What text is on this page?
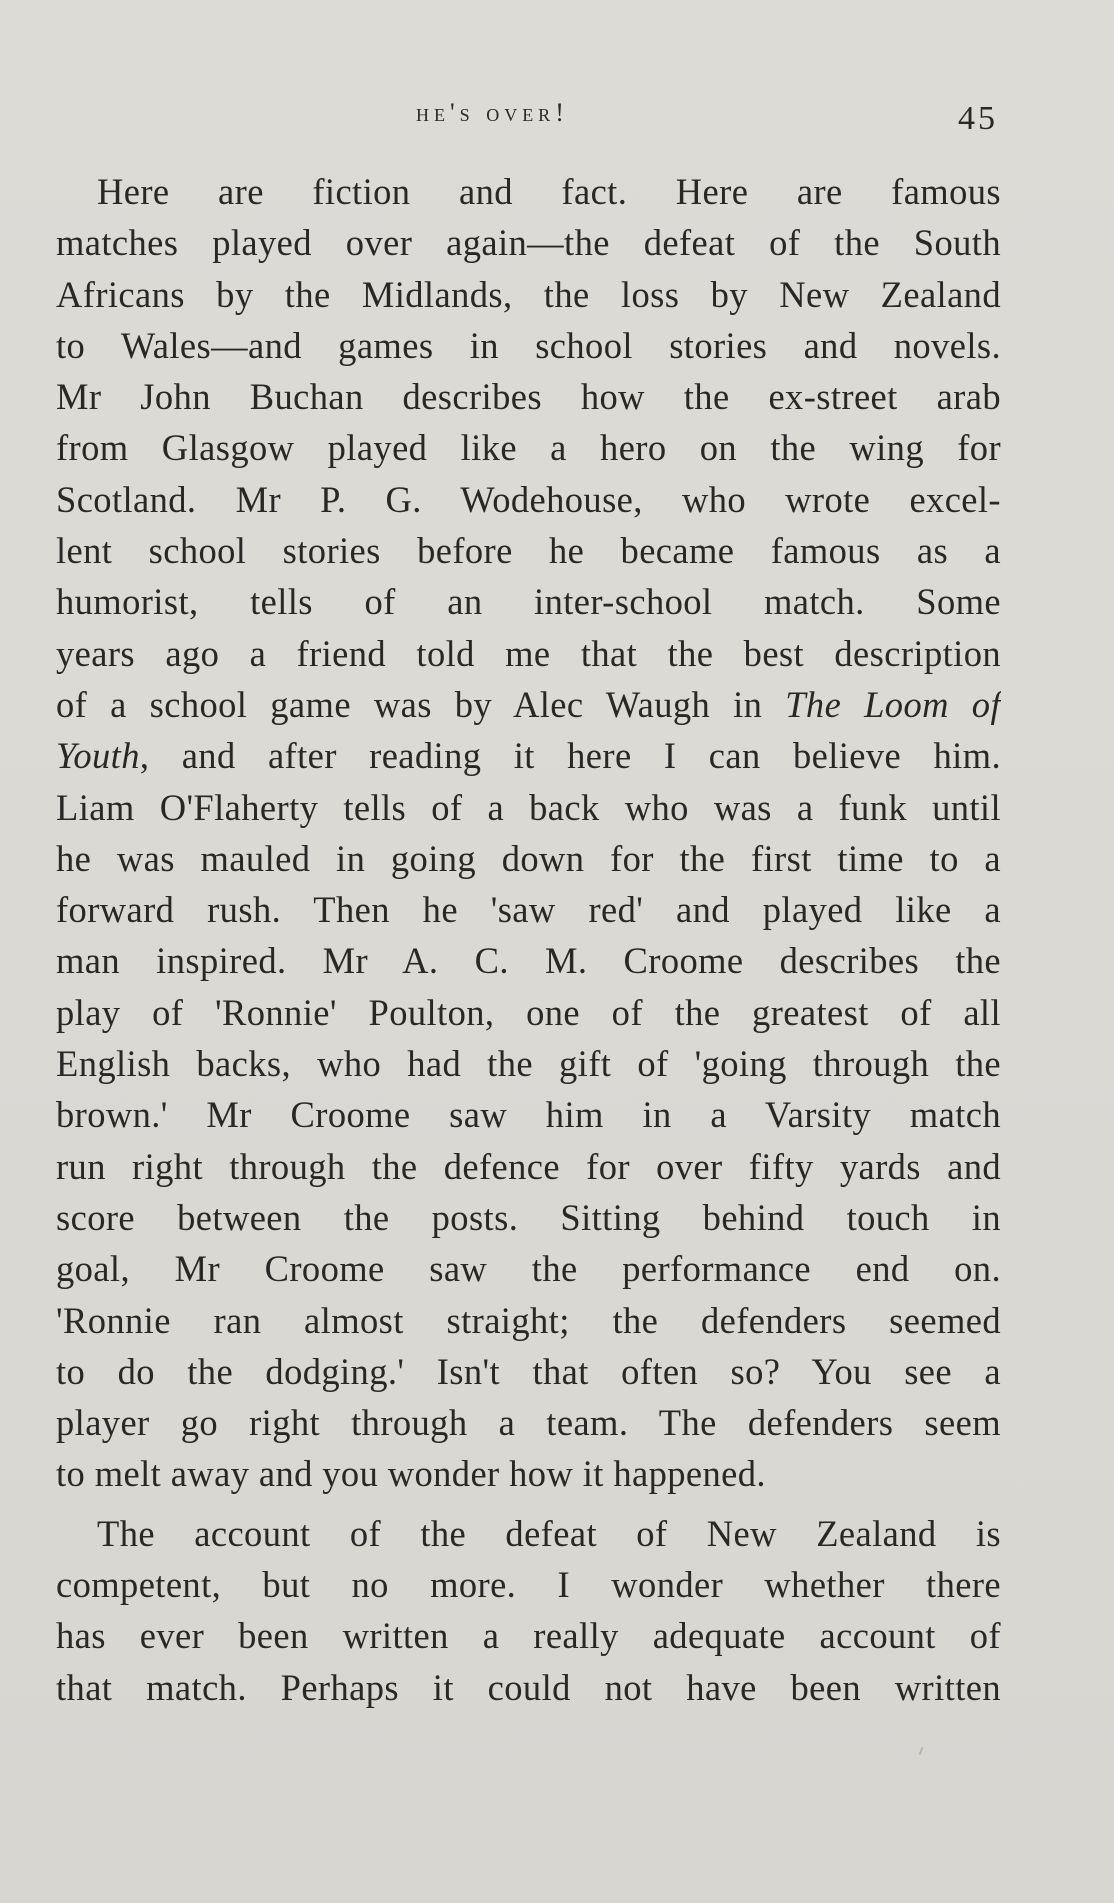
he's over!	45
Here are fiction and fact. Here are famous
matches played over again—the defeat of the South
Africans by the Midlands, the loss by New Zealand
to Wales—and games in school stories and novels.
Mr John Buchan describes how the ex-street arab
from Glasgow played like a hero on the wing for
Scotland. Mr P. G. Wodehouse, who wrote excel-
lent school stories before he became famous as a
humorist, tells of an inter-school match. Some
years ago a friend told me that the best description
of a school game was by Alec Waugh in The Loom of
Youth, and after reading it here I can believe him.
Liam O'Flaherty tells of a back who was a funk until
he was mauled in going down for the first time to a
forward rush. Then he 'saw red' and played like a
man inspired. Mr A. C. M. Croome describes the
play of 'Ronnie' Poulton, one of the greatest of all
English backs, who had the gift of 'going through the
brown.' Mr Croome saw him in a Varsity match
run right through the defence for over fifty yards and
score between the posts. Sitting behind touch in
goal, Mr Croome saw the performance end on.
'Ronnie ran almost straight; the defenders seemed
to do the dodging.' Isn't that often so? You see a
player go right through a team. The defenders seem
to melt away and you wonder how it happened.
The account of the defeat of New Zealand is
competent, but no more. I wonder whether there
has ever been written a really adequate account of
that match. Perhaps it could not have been written
